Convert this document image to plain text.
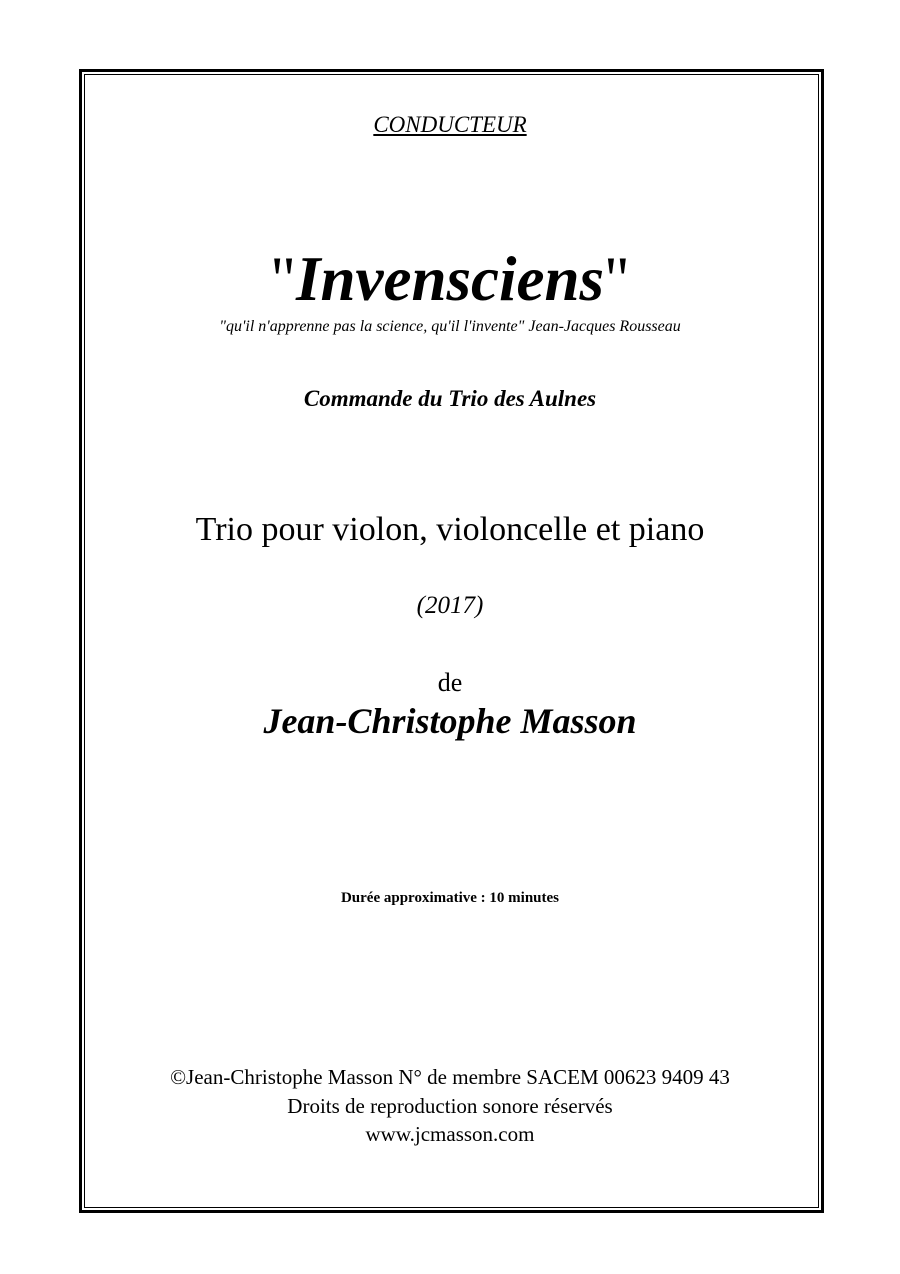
CONDUCTEUR
"Invensciens"
"qu'il n'apprenne pas la science, qu'il l'invente" Jean-Jacques Rousseau
Commande du Trio des Aulnes
Trio pour violon, violoncelle et piano
(2017)
de
Jean-Christophe Masson
Durée approximative : 10 minutes
©Jean-Christophe Masson N° de membre SACEM 00623 9409 43
Droits de reproduction sonore réservés
www.jcmasson.com
